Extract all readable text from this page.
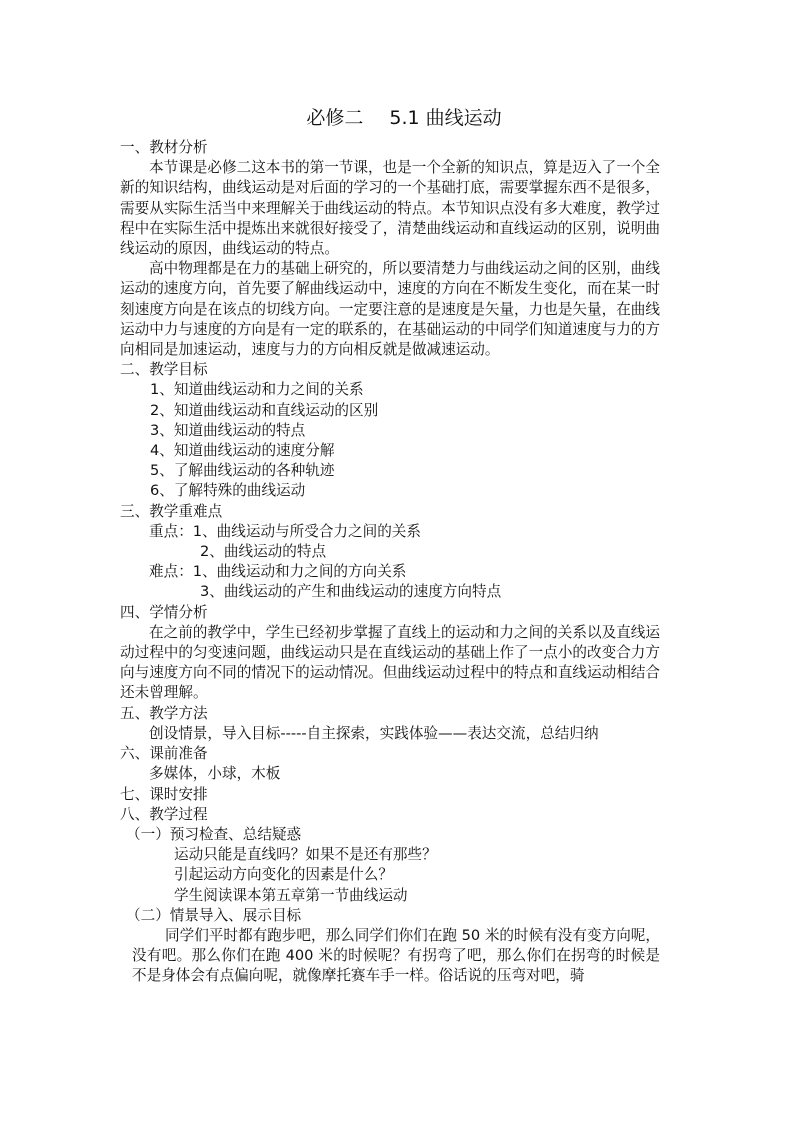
必修二 5.1 曲线运动

一、教材分析

本节课是必修二这本书的第一节课，也是一个全新的知识点，算是迈入了一个全新的知识结构，曲线运动是对后面的学习的一个基础打底，需要掌握东西不是很多，需要从实际生活当中来理解关于曲线运动的特点。本节知识点没有多大难度，教学过程中在实际生活中提炼出来就很好接受了，清楚曲线运动和直线运动的区别，说明曲线运动的原因，曲线运动的特点。

高中物理都是在力的基础上研究的，所以要清楚力与曲线运动之间的区别，曲线运动的速度方向，首先要了解曲线运动中，速度的方向在不断发生变化，而在某一时刻速度方向是在该点的切线方向。一定要注意的是速度是矢量，力也是矢量，在曲线运动中力与速度的方向是有一定的联系的，在基础运动的中同学们知道速度与力的方向相同是加速运动，速度与力的方向相反就是做减速运动。

二、教学目标

1、知道曲线运动和力之间的关系

2、知道曲线运动和直线运动的区别

3、知道曲线运动的特点

4、知道曲线运动的速度分解

5、了解曲线运动的各种轨迹

6、了解特殊的曲线运动

三、教学重难点

重点：1、曲线运动与所受合力之间的关系

2、曲线运动的特点

难点：1、曲线运动和力之间的方向关系

3、曲线运动的产生和曲线运动的速度方向特点

四、学情分析

在之前的教学中，学生已经初步掌握了直线上的运动和力之间的关系以及直线运动过程中的匀变速问题，曲线运动只是在直线运动的基础上作了一点小的改变合力方向与速度方向不同的情况下的运动情况。但曲线运动过程中的特点和直线运动相结合还未曾理解。

五、教学方法

创设情景，导入目标-----自主探索，实践体验——表达交流，总结归纳

六、课前准备

多媒体，小球，木板

七、课时安排

八、教学过程

（一）预习检查、总结疑惑

运动只能是直线吗？如果不是还有那些？

引起运动方向变化的因素是什么？

学生阅读课本第五章第一节曲线运动

（二）情景导入、展示目标

同学们平时都有跑步吧，那么同学们你们在跑 50 米的时候有没有变方向呢，没有吧。那么你们在跑 400 米的时候呢？有拐弯了吧，那么你们在拐弯的时候是不是身体会有点偏向呢，就像摩托赛车手一样。俗话说的压弯对吧，骑
